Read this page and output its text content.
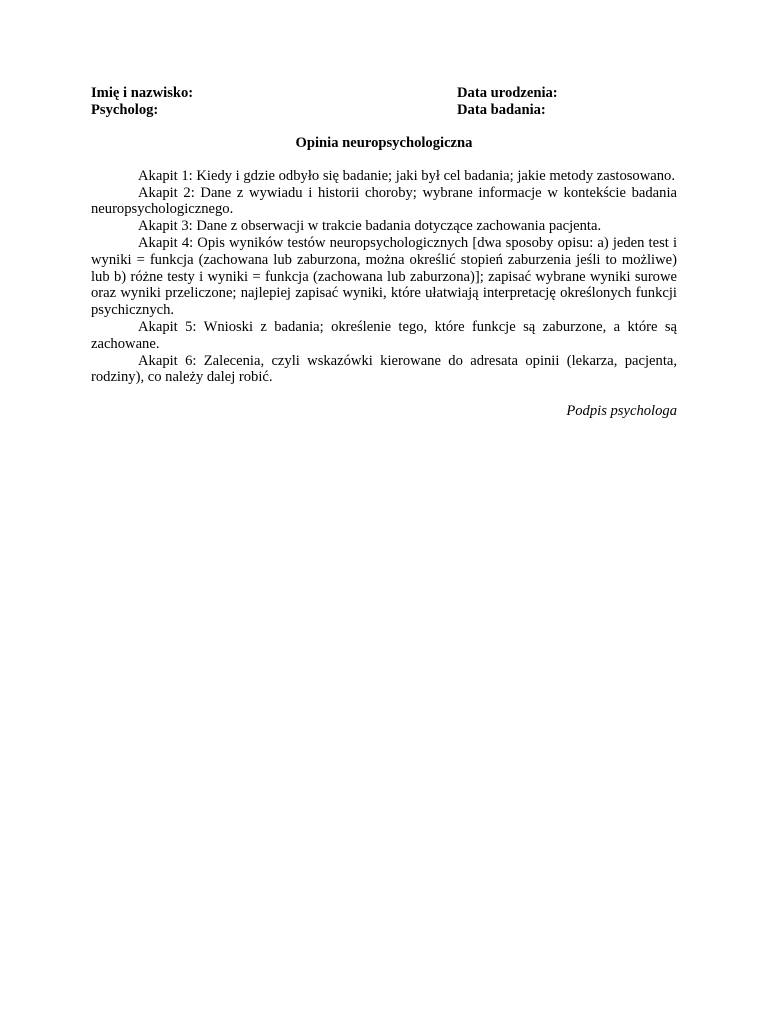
Imię i nazwisko:	Data urodzenia:
Psycholog:	Data badania:
Opinia neuropsychologiczna

Akapit 1: Kiedy i gdzie odbyło się badanie; jaki był cel badania; jakie metody zastosowano.

Akapit 2: Dane z wywiadu i historii choroby; wybrane informacje w kontekście badania neuropsychologicznego.

Akapit 3: Dane z obserwacji w trakcie badania dotyczące zachowania pacjenta.

Akapit 4: Opis wyników testów neuropsychologicznych [dwa sposoby opisu: a) jeden test i wyniki = funkcja (zachowana lub zaburzona, można określić stopień zaburzenia jeśli to możliwe) lub b) różne testy i wyniki = funkcja (zachowana lub zaburzona)]; zapisać wybrane wyniki surowe oraz wyniki przeliczone; najlepiej zapisać wyniki, które ułatwiają interpretację określonych funkcji psychicznych.

Akapit 5: Wnioski z badania; określenie tego, które funkcje są zaburzone, a które są zachowane.

Akapit 6: Zalecenia, czyli wskazówki kierowane do adresata opinii (lekarza, pacjenta, rodziny), co należy dalej robić.

Podpis psychologa
